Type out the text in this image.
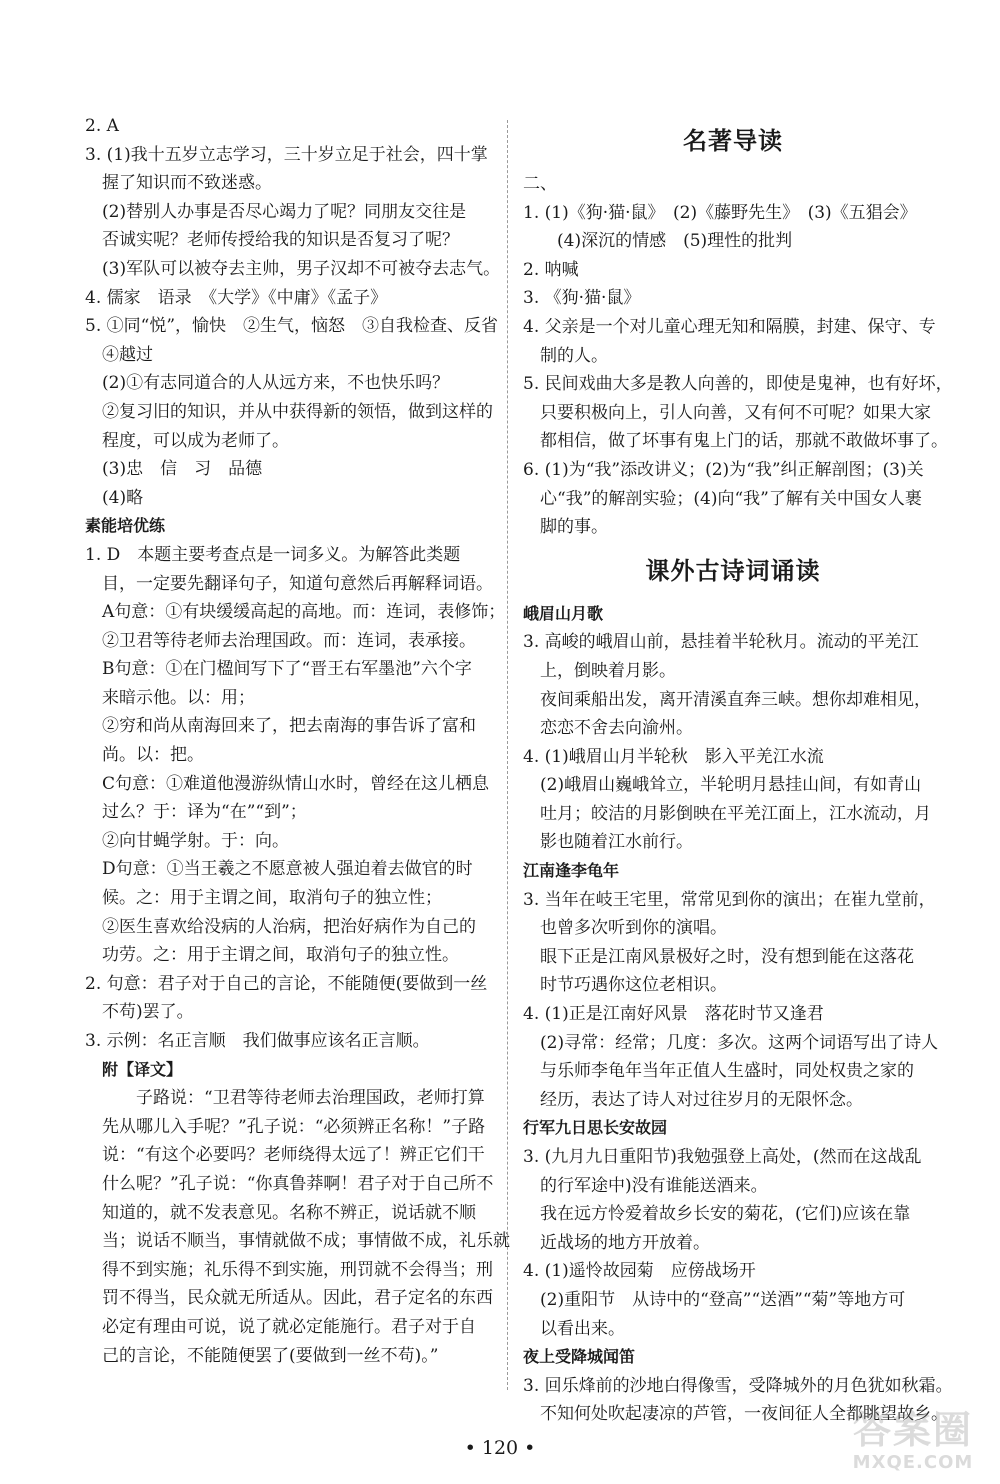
2. A
3. (1)我十五岁立志学习，三十岁立足于社会，四十掌
握了知识而不致迷惑。
(2)替别人办事是否尽心竭力了呢？同朋友交往是
否诚实呢？老师传授给我的知识是否复习了呢？
(3)军队可以被夺去主帅，男子汉却不可被夺去志气。
4. 儒家　语录　《大学》《中庸》《孟子》
5. ①同“悦”，愉快　②生气，恼怒　③自我检查、反省
④越过
(2)①有志同道合的人从远方来，不也快乐吗？
②复习旧的知识，并从中获得新的领悟，做到这样的
程度，可以成为老师了。
(3)忠　信　习　品德
(4)略
素能培优练
1. D　本题主要考查点是一词多义。为解答此类题
目，一定要先翻译句子，知道句意然后再解释词语。
A句意：①有块缓缓高起的高地。而：连词，表修饰；
②卫君等待老师去治理国政。而：连词，表承接。
B句意：①在门楹间写下了“晋王右军墨池”六个字
来暗示他。以：用；
②穷和尚从南海回来了，把去南海的事告诉了富和
尚。以：把。
C句意：①难道他漫游纵情山水时，曾经在这儿栖息
过么？于：译为“在”“到”；
②向甘蝇学射。于：向。
D句意：①当王羲之不愿意被人强迫着去做官的时
候。之：用于主谓之间，取消句子的独立性；
②医生喜欢给没病的人治病，把治好病作为自己的
功劳。之：用于主谓之间，取消句子的独立性。
2. 句意：君子对于自己的言论，不能随便(要做到一丝
不苟)罢了。
3. 示例：名正言顺　我们做事应该名正言顺。
附【译文】
子路说：“卫君等待老师去治理国政，老师打算
先从哪儿入手呢？”孔子说：“必须辨正名称！”子路
说：“有这个必要吗？老师绕得太远了！辨正它们干
什么呢？”孔子说：“你真鲁莽啊！君子对于自己所不
知道的，就不发表意见。名称不辨正，说话就不顺
当；说话不顺当，事情就做不成；事情做不成，礼乐就
得不到实施；礼乐得不到实施，刑罚就不会得当；刑
罚不得当，民众就无所适从。因此，君子定名的东西
必定有理由可说，说了就必定能施行。君子对于自
己的言论，不能随便罢了(要做到一丝不苟)。”
名著导读
二、
1. (1)《狗·猫·鼠》　(2)《藤野先生》　(3)《五猖会》
(4)深沉的情感　(5)理性的批判
2. 呐喊
3. 《狗·猫·鼠》
4. 父亲是一个对儿童心理无知和隔膜，封建、保守、专
制的人。
5. 民间戏曲大多是教人向善的，即使是鬼神，也有好坏，
只要积极向上，引人向善，又有何不可呢？如果大家
都相信，做了坏事有鬼上门的话，那就不敢做坏事了。
6. (1)为“我”添改讲义；(2)为“我”纠正解剖图；(3)关
心“我”的解剖实验；(4)向“我”了解有关中国女人裹
脚的事。
课外古诗词诵读
峨眉山月歌
3. 高峻的峨眉山前，悬挂着半轮秋月。流动的平羌江
上，倒映着月影。
夜间乘船出发，离开清溪直奔三峡。想你却难相见，
恋恋不舍去向渝州。
4. (1)峨眉山月半轮秋　影入平羌江水流
(2)峨眉山巍峨耸立，半轮明月悬挂山间，有如青山
吐月；皎洁的月影倒映在平羌江面上，江水流动，月
影也随着江水前行。
江南逢李龟年
3. 当年在岐王宅里，常常见到你的演出；在崔九堂前，
也曾多次听到你的演唱。
眼下正是江南风景极好之时，没有想到能在这落花
时节巧遇你这位老相识。
4. (1)正是江南好风景　落花时节又逢君
(2)寻常：经常；几度：多次。这两个词语写出了诗人
与乐师李龟年当年正值人生盛时，同处权贵之家的
经历，表达了诗人对过往岁月的无限怀念。
行军九日思长安故园
3. (九月九日重阳节)我勉强登上高处，(然而在这战乱
的行军途中)没有谁能送酒来。
我在远方怜爱着故乡长安的菊花，(它们)应该在靠
近战场的地方开放着。
4. (1)遥怜故园菊　应傍战场开
(2)重阳节　从诗中的“登高”“送酒”“菊”等地方可
以看出来。
夜上受降城闻笛
3. 回乐烽前的沙地白得像雪，受降城外的月色犹如秋霜。
不知何处吹起凄凉的芦管，一夜间征人全都眺望故乡。
• 120 •	答案圈
MXQE.COM
